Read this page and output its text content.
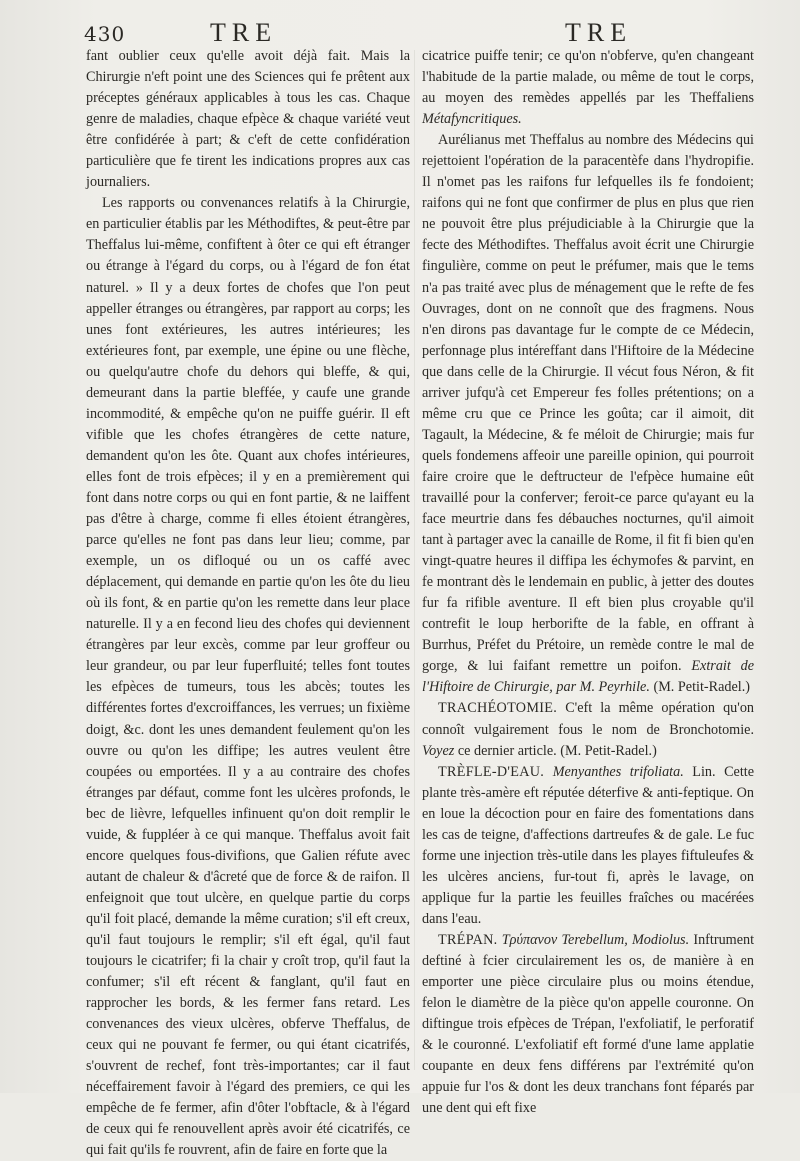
430	TRE	TRE

fant oublier ceux qu'elle avoit déjà fait. Mais la Chirurgie n'eft point une des Sciences qui fe prêtent aux préceptes généraux applicables à tous les cas. Chaque genre de maladies, chaque efpèce & chaque variété veut être confidérée à part; & c'eft de cette confidération particulière que fe tirent les indications propres aux cas journaliers.

Les rapports ou convenances relatifs à la Chirurgie, en particulier établis par les Méthodiftes, & peut-être par Theffalus lui-même, confiftent à ôter ce qui eft étranger ou étrange à l'égard du corps, ou à l'égard de fon état naturel. » Il y a deux fortes de chofes que l'on peut appeller étranges ou étrangères, par rapport au corps; les unes font extérieures, les autres intérieures; les extérieures font, par exemple, une épine ou une flèche, ou quelqu'autre chofe du dehors qui bleffe, & qui, demeurant dans la partie bleffée, y caufe une grande incommodité, & empêche qu'on ne puiffe guérir. Il eft vifible que les chofes étrangères de cette nature, demandent qu'on les ôte. Quant aux chofes intérieures, elles font de trois efpèces; il y en a premièrement qui font dans notre corps ou qui en font partie, & ne laiffent pas d'être à charge, comme fi elles étoient étrangères, parce qu'elles ne font pas dans leur lieu; comme, par exemple, un os difloqué ou un os caffé avec déplacement, qui demande en partie qu'on les ôte du lieu où ils font, & en partie qu'on les remette dans leur place naturelle. Il y a en fecond lieu des chofes qui deviennent étrangères par leur excès, comme par leur groffeur ou leur grandeur, ou par leur fuperfluité; telles font toutes les efpèces de tumeurs, tous les abcès; toutes les différentes fortes d'excroiffances, les verrues; un fixième doigt, &c. dont les unes demandent feulement qu'on les ouvre ou qu'on les diffipe; les autres veulent être coupées ou emportées. Il y a au contraire des chofes étranges par défaut, comme font les ulcères profonds, le bec de lièvre, lefquelles infinuent qu'on doit remplir le vuide, & fuppléer à ce qui manque. Theffalus avoit fait encore quelques fous-divifions, que Galien réfute avec autant de chaleur & d'âcreté que de force & de raifon. Il enfeignoit que tout ulcère, en quelque partie du corps qu'il foit placé, demande la même curation; s'il eft creux, qu'il faut toujours le remplir; s'il eft égal, qu'il faut toujours le cicatrifer; fi la chair y croît trop, qu'il faut la confumer; s'il eft récent & fanglant, qu'il faut en rapprocher les bords, & les fermer fans retard. Les convenances des vieux ulcères, obferve Theffalus, de ceux qui ne pouvant fe fermer, ou qui étant cicatrifés, s'ouvrent de rechef, font très-importantes; car il faut néceffairement favoir à l'égard des premiers, ce qui les empêche de fe fermer, afin d'ôter l'obftacle, & à l'égard de ceux qui fe renouvellent après avoir été cicatrifés, ce qui fait qu'ils fe rouvrent, afin de faire en forte que la

cicatrice puiffe tenir; ce qu'on n'obferve, qu'en changeant l'habitude de la partie malade, ou même de tout le corps, au moyen des remèdes appellés par les Theffaliens Métafyncritiques.

Aurélianus met Theffalus au nombre des Médecins qui rejettoient l'opération de la paracentèfe dans l'hydropifie. Il n'omet pas les raifons fur lefquelles ils fe fondoient; raifons qui ne font que confirmer de plus en plus que rien ne pouvoit être plus préjudiciable à la Chirurgie que la fecte des Méthodiftes. Theffalus avoit écrit une Chirurgie fingulière, comme on peut le préfumer, mais que le tems n'a pas traité avec plus de ménagement que le refte de fes Ouvrages, dont on ne connoît que des fragmens. Nous n'en dirons pas davantage fur le compte de ce Médecin, perfonnage plus intéreffant dans l'Hiftoire de la Médecine que dans celle de la Chirurgie. Il vécut fous Néron, & fit arriver jufqu'à cet Empereur fes folles prétentions; on a même cru que ce Prince les goûta; car il aimoit, dit Tagault, la Médecine, & fe méloit de Chirurgie; mais fur quels fondemens affeoir une pareille opinion, qui pourroit faire croire que le deftructeur de l'efpèce humaine eût travaillé pour la conferver; feroit-ce parce qu'ayant eu la face meurtrie dans fes débauches nocturnes, qu'il aimoit tant à partager avec la canaille de Rome, il fit fi bien qu'en vingt-quatre heures il diffipa les échymofes & parvint, en fe montrant dès le lendemain en public, à jetter des doutes fur fa rifible aventure. Il eft bien plus croyable qu'il contrefit le loup herborifte de la fable, en offrant à Burrhus, Préfet du Prétoire, un remède contre le mal de gorge, & lui faifant remettre un poifon. Extrait de l'Hiftoire de Chirurgie, par M. Peyrhile. (M. Petit-Radel.)

TRACHÉOTOMIE. C'eft la même opération qu'on connoît vulgairement fous le nom de Bronchotomie. Voyez ce dernier article. (M. Petit-Radel.)

TRÈFLE-D'EAU. Menyanthes trifoliata. Lin. Cette plante très-amère eft réputée déterfive & anti-feptique. On en loue la décoction pour en faire des fomentations dans les cas de teigne, d'affections dartreufes & de gale. Le fuc forme une injection très-utile dans les playes fiftuleufes & les ulcères anciens, fur-tout fi, après le lavage, on applique fur la partie les feuilles fraîches ou macérées dans l'eau.

TRÉPAN. Τρύπανον Terebellum, Modiolus. Inftrument deftiné à fcier circulairement les os, de manière à en emporter une pièce circulaire plus ou moins étendue, felon le diamètre de la pièce qu'on appelle couronne. On diftingue trois efpèces de Trépan, l'exfoliatif, le perforatif & le couronné. L'exfoliatif eft formé d'une lame applatie coupante en deux fens différens par l'extrémité qu'on appuie fur l'os & dont les deux tranchans font féparés par une dent qui eft fixe
